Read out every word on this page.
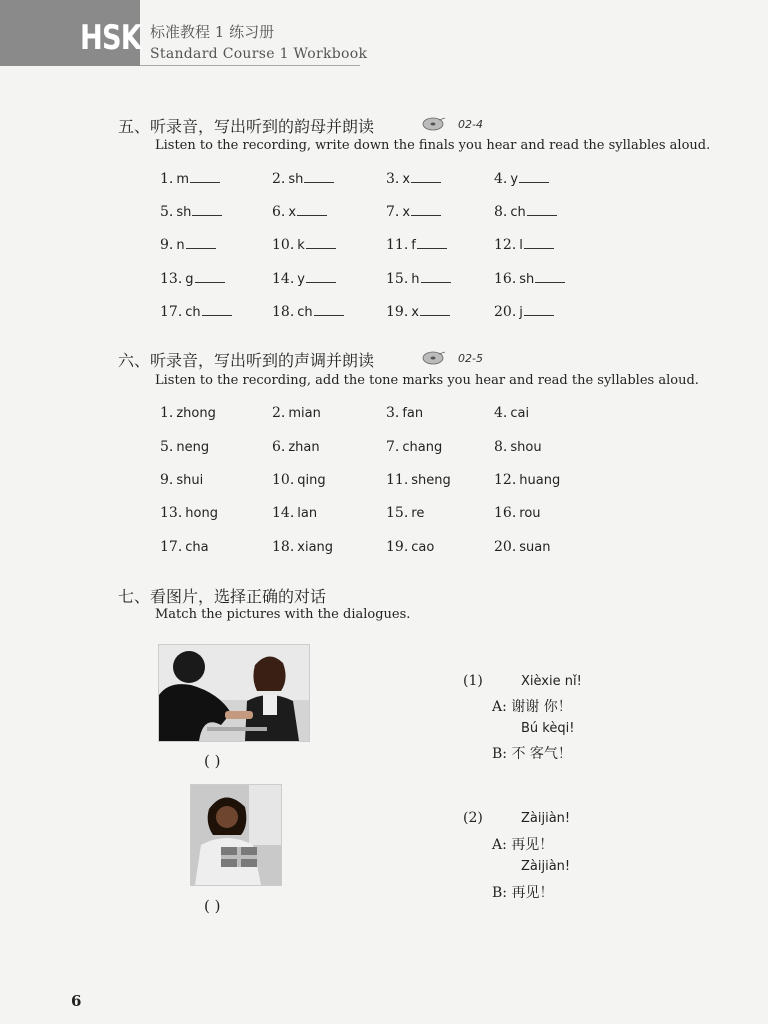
HSK 标准教程 1 练习册
Standard Course 1 Workbook
五、听录音，写出听到的韵母并朗读	02-4
Listen to the recording, write down the finals you hear and read the syllables aloud.
1. m	2. sh	3. x	4. y
5. sh	6. x	7. x	8. ch
9. n	10. k	11. f	12. l
13. g	14. y	15. h	16. sh
17. ch	18. ch	19. x	20. j
六、听录音，写出听到的声调并朗读	02-5
Listen to the recording, add the tone marks you hear and read the syllables aloud.
1. zhong	2. mian	3. fan	4. cai
5. neng	6. zhan	7. chang	8. shou
9. shui	10. qing	11. sheng	12. huang
13. hong	14. lan	15. re	16. rou
17. cha	18. xiang	19. cao	20. suan
七、看图片，选择正确的对话
Match the pictures with the dialogues.
( )
( )
(1)	Xièxie nǐ!
A: 谢谢 你！
Bú kèqi!
B: 不 客气！
(2)	Zàijiàn!
A: 再见！
Zàijiàn!
B: 再见！
6
